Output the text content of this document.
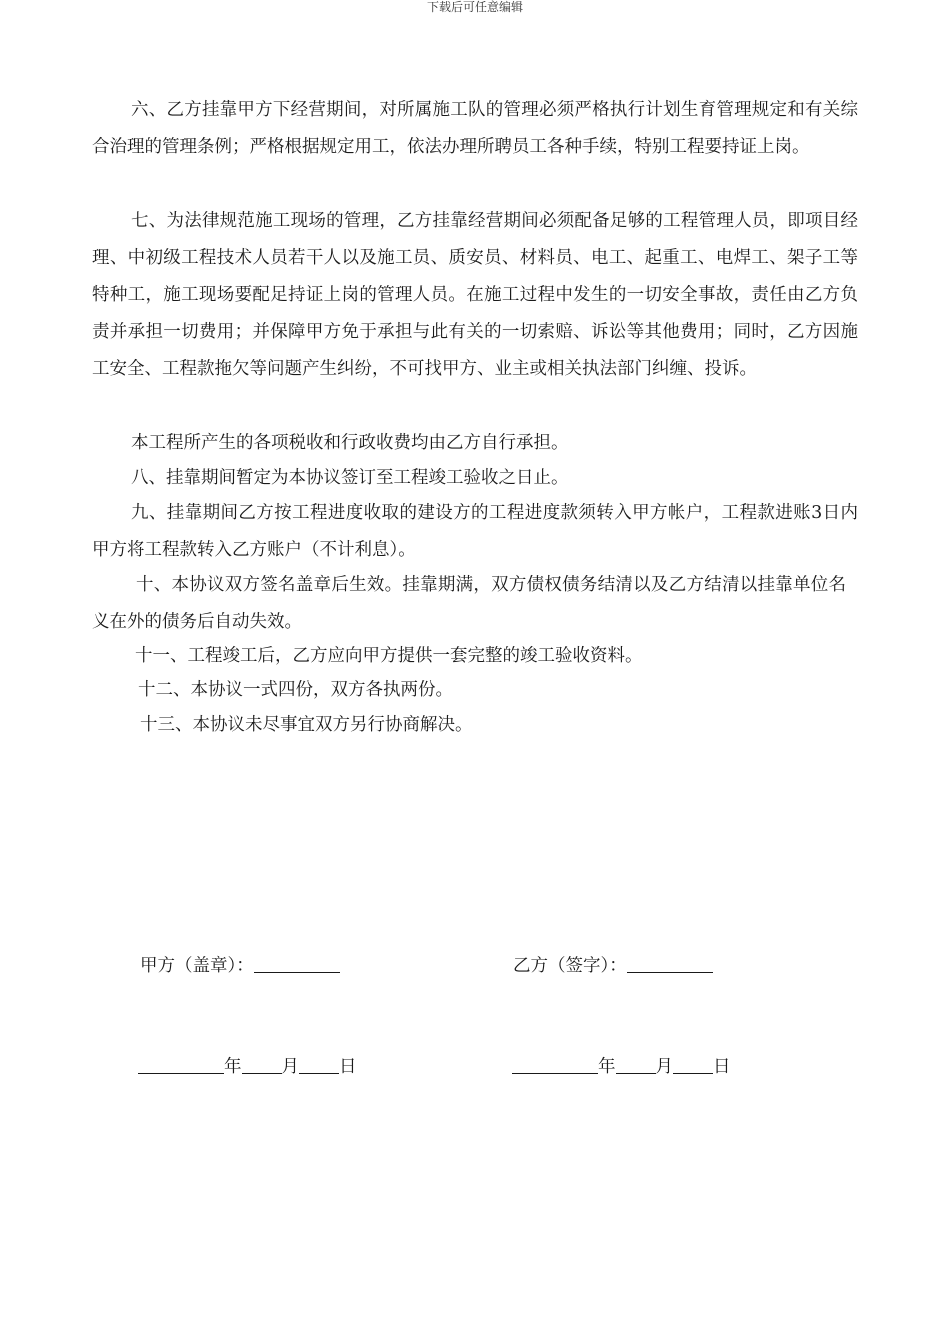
下载后可任意编辑

六、乙方挂靠甲方下经营期间，对所属施工队的管理必须严格执行计划生育管理规定和有关综合治理的管理条例；严格根据规定用工，依法办理所聘员工各种手续，特别工程要持证上岗。

七、为法律规范施工现场的管理，乙方挂靠经营期间必须配备足够的工程管理人员，即项目经理、中初级工程技术人员若干人以及施工员、质安员、材料员、电工、起重工、电焊工、架子工等特种工，施工现场要配足持证上岗的管理人员。在施工过程中发生的一切安全事故，责任由乙方负责并承担一切费用；并保障甲方免于承担与此有关的一切索赔、诉讼等其他费用；同时，乙方因施工安全、工程款拖欠等问题产生纠纷，不可找甲方、业主或相关执法部门纠缠、投诉。

本工程所产生的各项税收和行政收费均由乙方自行承担。

八、挂靠期间暂定为本协议签订至工程竣工验收之日止。

九、挂靠期间乙方按工程进度收取的建设方的工程进度款须转入甲方帐户，工程款进账3日内甲方将工程款转入乙方账户（不计利息）。

十、本协议双方签名盖章后生效。挂靠期满，双方债权债务结清以及乙方结清以挂靠单位名义在外的债务后自动失效。

十一、工程竣工后，乙方应向甲方提供一套完整的竣工验收资料。

十二、本协议一式四份，双方各执两份。

十三、本协议未尽事宜双方另行协商解决。

甲方（盖章）：	乙方（签字）：
年 月 日	年 月 日
